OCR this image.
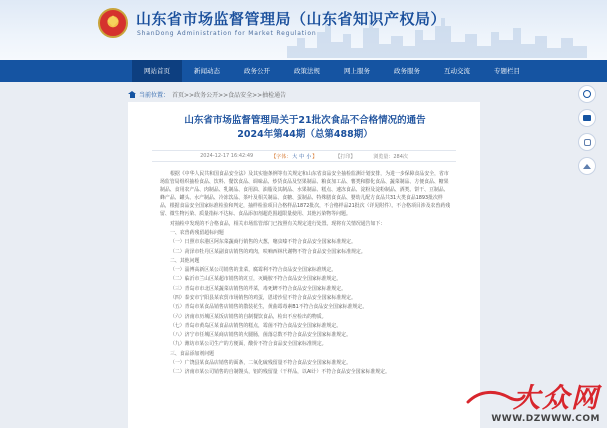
山东省市场监督管理局（山东省知识产权局）
ShanDong Administration for Market Regulation
网站首页	新闻动态	政务公开	政策法规	网上服务	政务服务	互动交流	专题栏目
当前位置： 首页>>政务公开>>食品安全>>抽检通告
山东省市场监督管理局关于21批次食品不合格情况的通告2024年第44期（总第488期）
2024-12-17 16:42:49	【字体：大 中 小】	【打印】	浏览量：284次

根据《中华人民共和国食品安全法》及其实施条例等有关规定和山东省食品安全抽检监测计划安排，为进一步保障食品安全，省市场监管局组织抽检食品、饮料、餐饮食品、调味品、炒货食品及坚果制品、粮食加工品、薯类和膨化食品、蔬菜制品、方便食品、糖果制品、食用农产品、肉制品、乳制品、食用油、油脂及其制品、水果制品、糕点、速冻食品、淀粉及淀粉制品、酒类、饼干、豆制品、蜂产品、罐头、水产制品、冷冻饮品、茶叶及相关制品、食糖、蛋制品、特殊膳食食品、婴幼儿配方食品共31大类食品1893批次样品，根据食品安全国家标准检验和判定，抽样检验项目合格样品1872批次，不合格样品21批次（详见附件）。不合格项目涉及农兽药残留、微生物污染、质量指标不达标、食品添加剂超范围超限量使用、其他污染物等问题。

对抽检中发现的不合格食品，相关市场监管部门已按照有关规定进行处置。现将有关情况通告如下：

一、农兽药残留超标问题

（一）日照市东港区阿东菜蔬商行销售的大葱，噻虫嗪不符合食品安全国家标准规定。

（二）菏泽市牡丹区某副食店销售的鸡肉，呋喃西林代谢物不符合食品安全国家标准规定。

二、其他问题

（一）淄博高新区某公司销售的韭菜，腐霉利不符合食品安全国家标准规定。

（二）临沂市兰山区某超市销售的豇豆，灭蝇胺不符合食品安全国家标准规定。

（三）青岛市市北区某蔬菜店销售的芹菜，毒死蜱不符合食品安全国家标准规定。

（四）泰安市宁阳县某农贸市场销售的鸡蛋，恩诺沙星不符合食品安全国家标准规定。

（五）青岛市某食品销售店销售的散装花生，黄曲霉毒素B1不符合食品安全国家标准规定。

（六）济南市历城区某饭店销售的自制餐饮食品，检出不应检出的物质。

（七）青岛市黄岛区某食品店销售的糕点，霉菌不符合食品安全国家标准规定。

（八）济宁市任城区某商店销售的火腿肠，菌落总数不符合食品安全国家标准规定。

（九）潍坊市某公司生产的方便面，酸价不符合食品安全国家标准规定。

三、食品添加剂问题

（一）广饶县某食品店销售的面条，二氧化硫残留量不符合食品安全国家标准规定。

（二）济南市某公司销售的自制馒头，铝的残留量（干样品，以Al计）不符合食品安全国家标准规定。

大众网
WWW.DZWWW.COM
